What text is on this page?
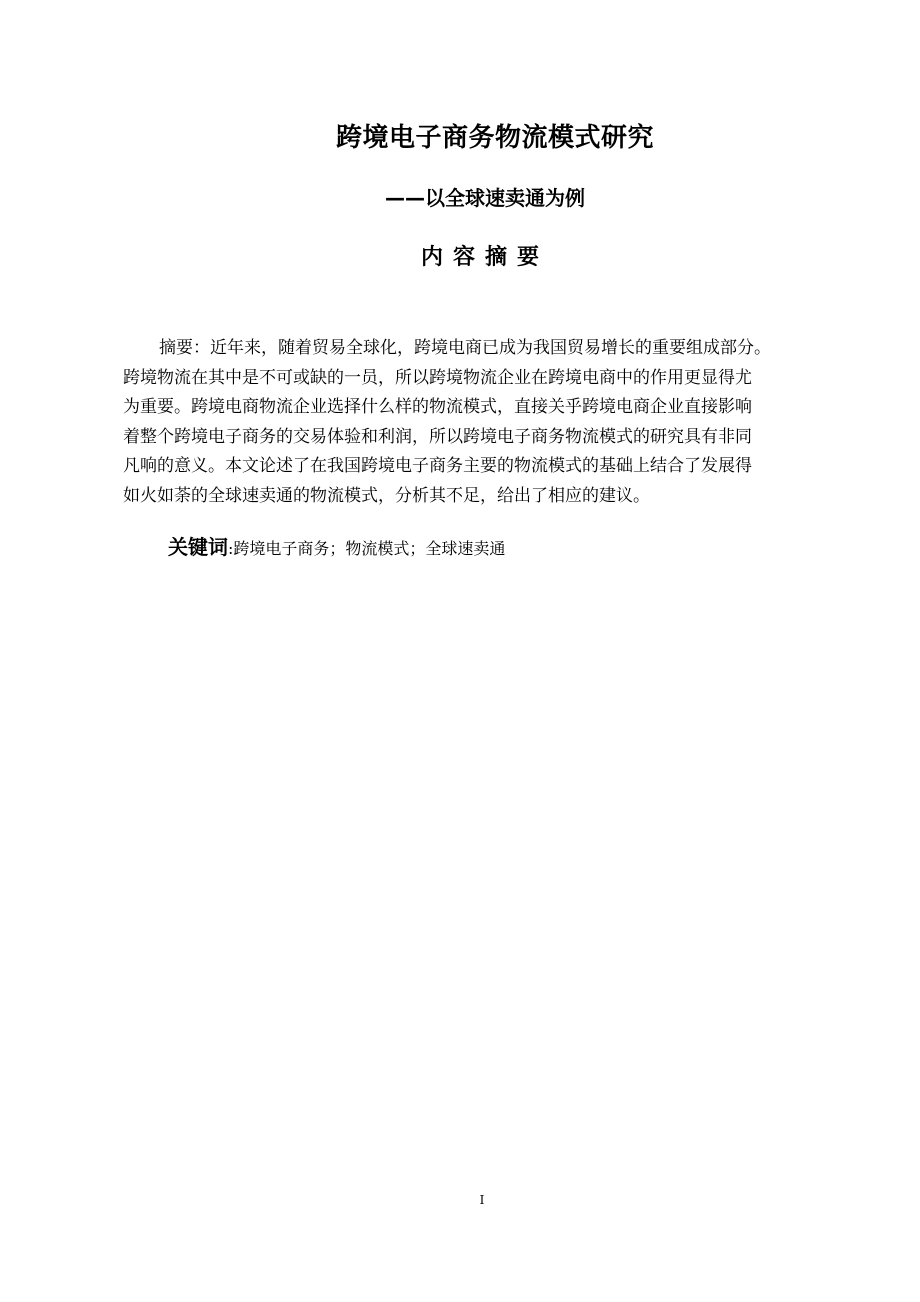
跨境电子商务物流模式研究
——以全球速卖通为例
内容摘要
摘要：近年来，随着贸易全球化，跨境电商已成为我国贸易增长的重要组成部分。
跨境物流在其中是不可或缺的一员，所以跨境物流企业在跨境电商中的作用更显得尤
为重要。跨境电商物流企业选择什么样的物流模式，直接关乎跨境电商企业直接影响
着整个跨境电子商务的交易体验和利润，所以跨境电子商务物流模式的研究具有非同
凡响的意义。本文论述了在我国跨境电子商务主要的物流模式的基础上结合了发展得
如火如荼的全球速卖通的物流模式，分析其不足，给出了相应的建议。
关键词:跨境电子商务；物流模式；全球速卖通
I
